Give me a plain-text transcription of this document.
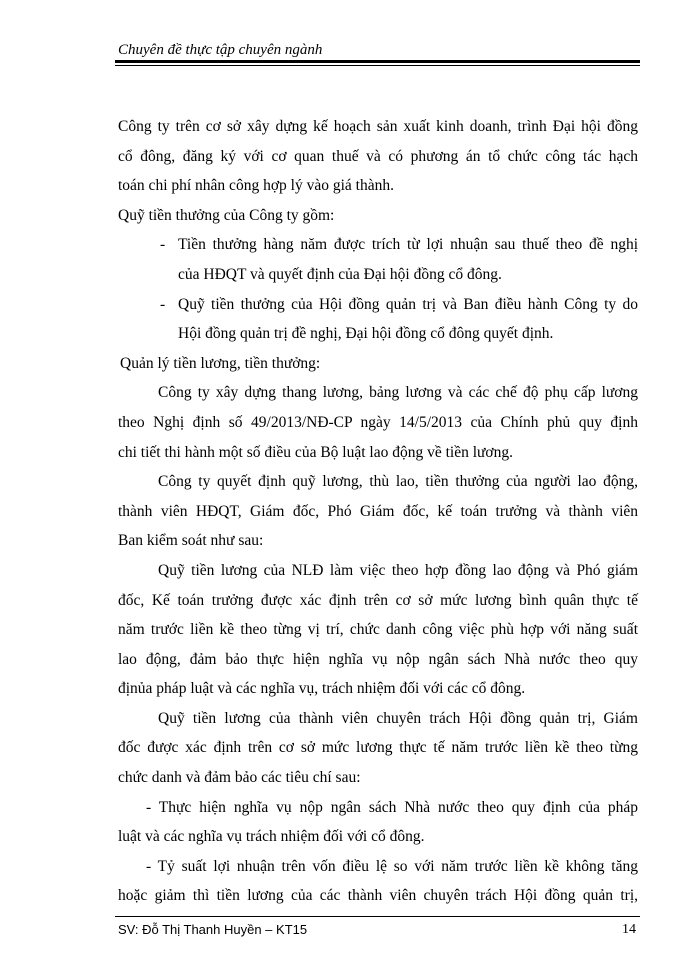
Chuyên đề thực tập chuyên ngành
Công ty trên cơ sở xây dựng kế hoạch sản xuất kinh doanh, trình Đại hội đồng
cổ đông, đăng ký với cơ quan thuế và có phương án tổ chức công tác hạch
toán chi phí nhân công hợp lý vào giá thành.
Quỹ tiền thưởng của Công ty gồm:
- Tiền thưởng hàng năm được trích từ lợi nhuận sau thuế theo đề nghị
của HĐQT và quyết định của Đại hội đồng cổ đông.
- Quỹ tiền thưởng của Hội đồng quản trị và Ban điều hành Công ty do
Hội đồng quản trị đề nghị, Đại hội đồng cổ đông quyết định.
Quản lý tiền lương, tiền thưởng:
Công ty xây dựng thang lương, bảng lương và các chế độ phụ cấp lương
theo Nghị định số 49/2013/NĐ-CP ngày 14/5/2013 của Chính phủ quy định
chi tiết thi hành một số điều của Bộ luật lao động về tiền lương.
Công ty quyết định quỹ lương, thù lao, tiền thưởng của người lao động,
thành viên HĐQT, Giám đốc, Phó Giám đốc, kế toán trưởng và thành viên
Ban kiểm soát như sau:
Quỹ tiền lương của NLĐ làm việc theo hợp đồng lao động và Phó giám
đốc, Kế toán trưởng được xác định trên cơ sở mức lương bình quân thực tế
năm trước liền kề theo từng vị trí, chức danh công việc phù hợp với năng suất
lao động, đảm bảo thực hiện nghĩa vụ nộp ngân sách Nhà nước theo quy
địnủa pháp luật và các nghĩa vụ, trách nhiệm đối với các cổ đông.
Quỹ tiền lương của thành viên chuyên trách Hội đồng quản trị, Giám
đốc được xác định trên cơ sở mức lương thực tế năm trước liền kề theo từng
chức danh và đảm bảo các tiêu chí sau:
- Thực hiện nghĩa vụ nộp ngân sách Nhà nước theo quy định của pháp
luật và các nghĩa vụ trách nhiệm đối với cổ đông.
- Tỷ suất lợi nhuận trên vốn điều lệ so với năm trước liền kề không tăng
hoặc giảm thì tiền lương của các thành viên chuyên trách Hội đồng quản trị,
SV: Đỗ Thị Thanh Huyền – KT15	14
